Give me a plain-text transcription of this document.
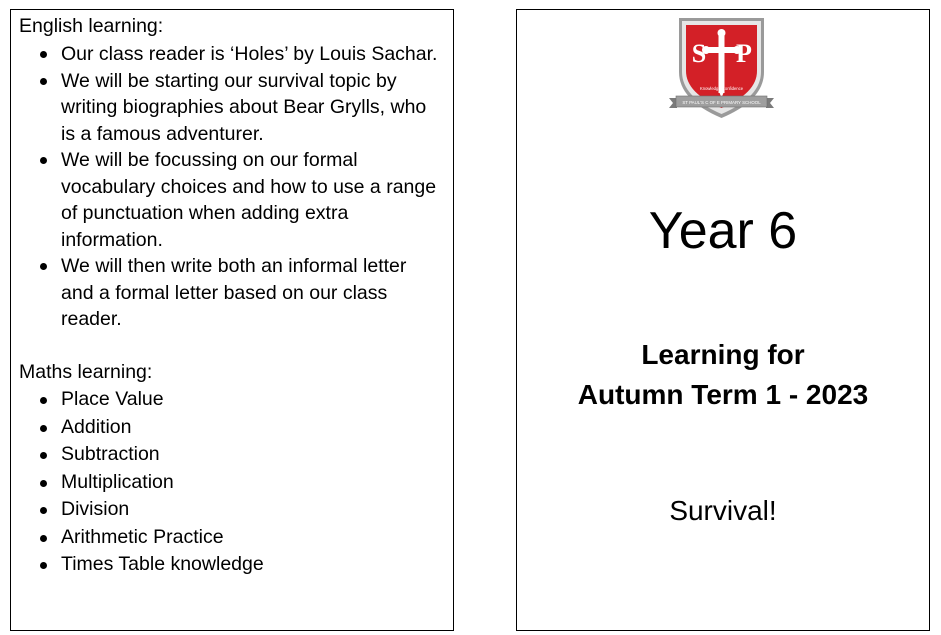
English learning:
Our class reader is ‘Holes’ by Louis Sachar.
We will be starting our survival topic by writing biographies about Bear Grylls, who is a famous adventurer.
We will be focussing on our formal vocabulary choices and how to use a range of punctuation when adding extra information.
We will then write both an informal letter and a formal letter based on our class reader.
Maths learning:
Place Value
Addition
Subtraction
Multiplication
Division
Arithmetic Practice
Times Table knowledge
S P
Knowledge Confidence
ST PAUL'S C OF E PRIMARY SCHOOL
Year 6
Learning for
Autumn Term 1 - 2023
Survival!
